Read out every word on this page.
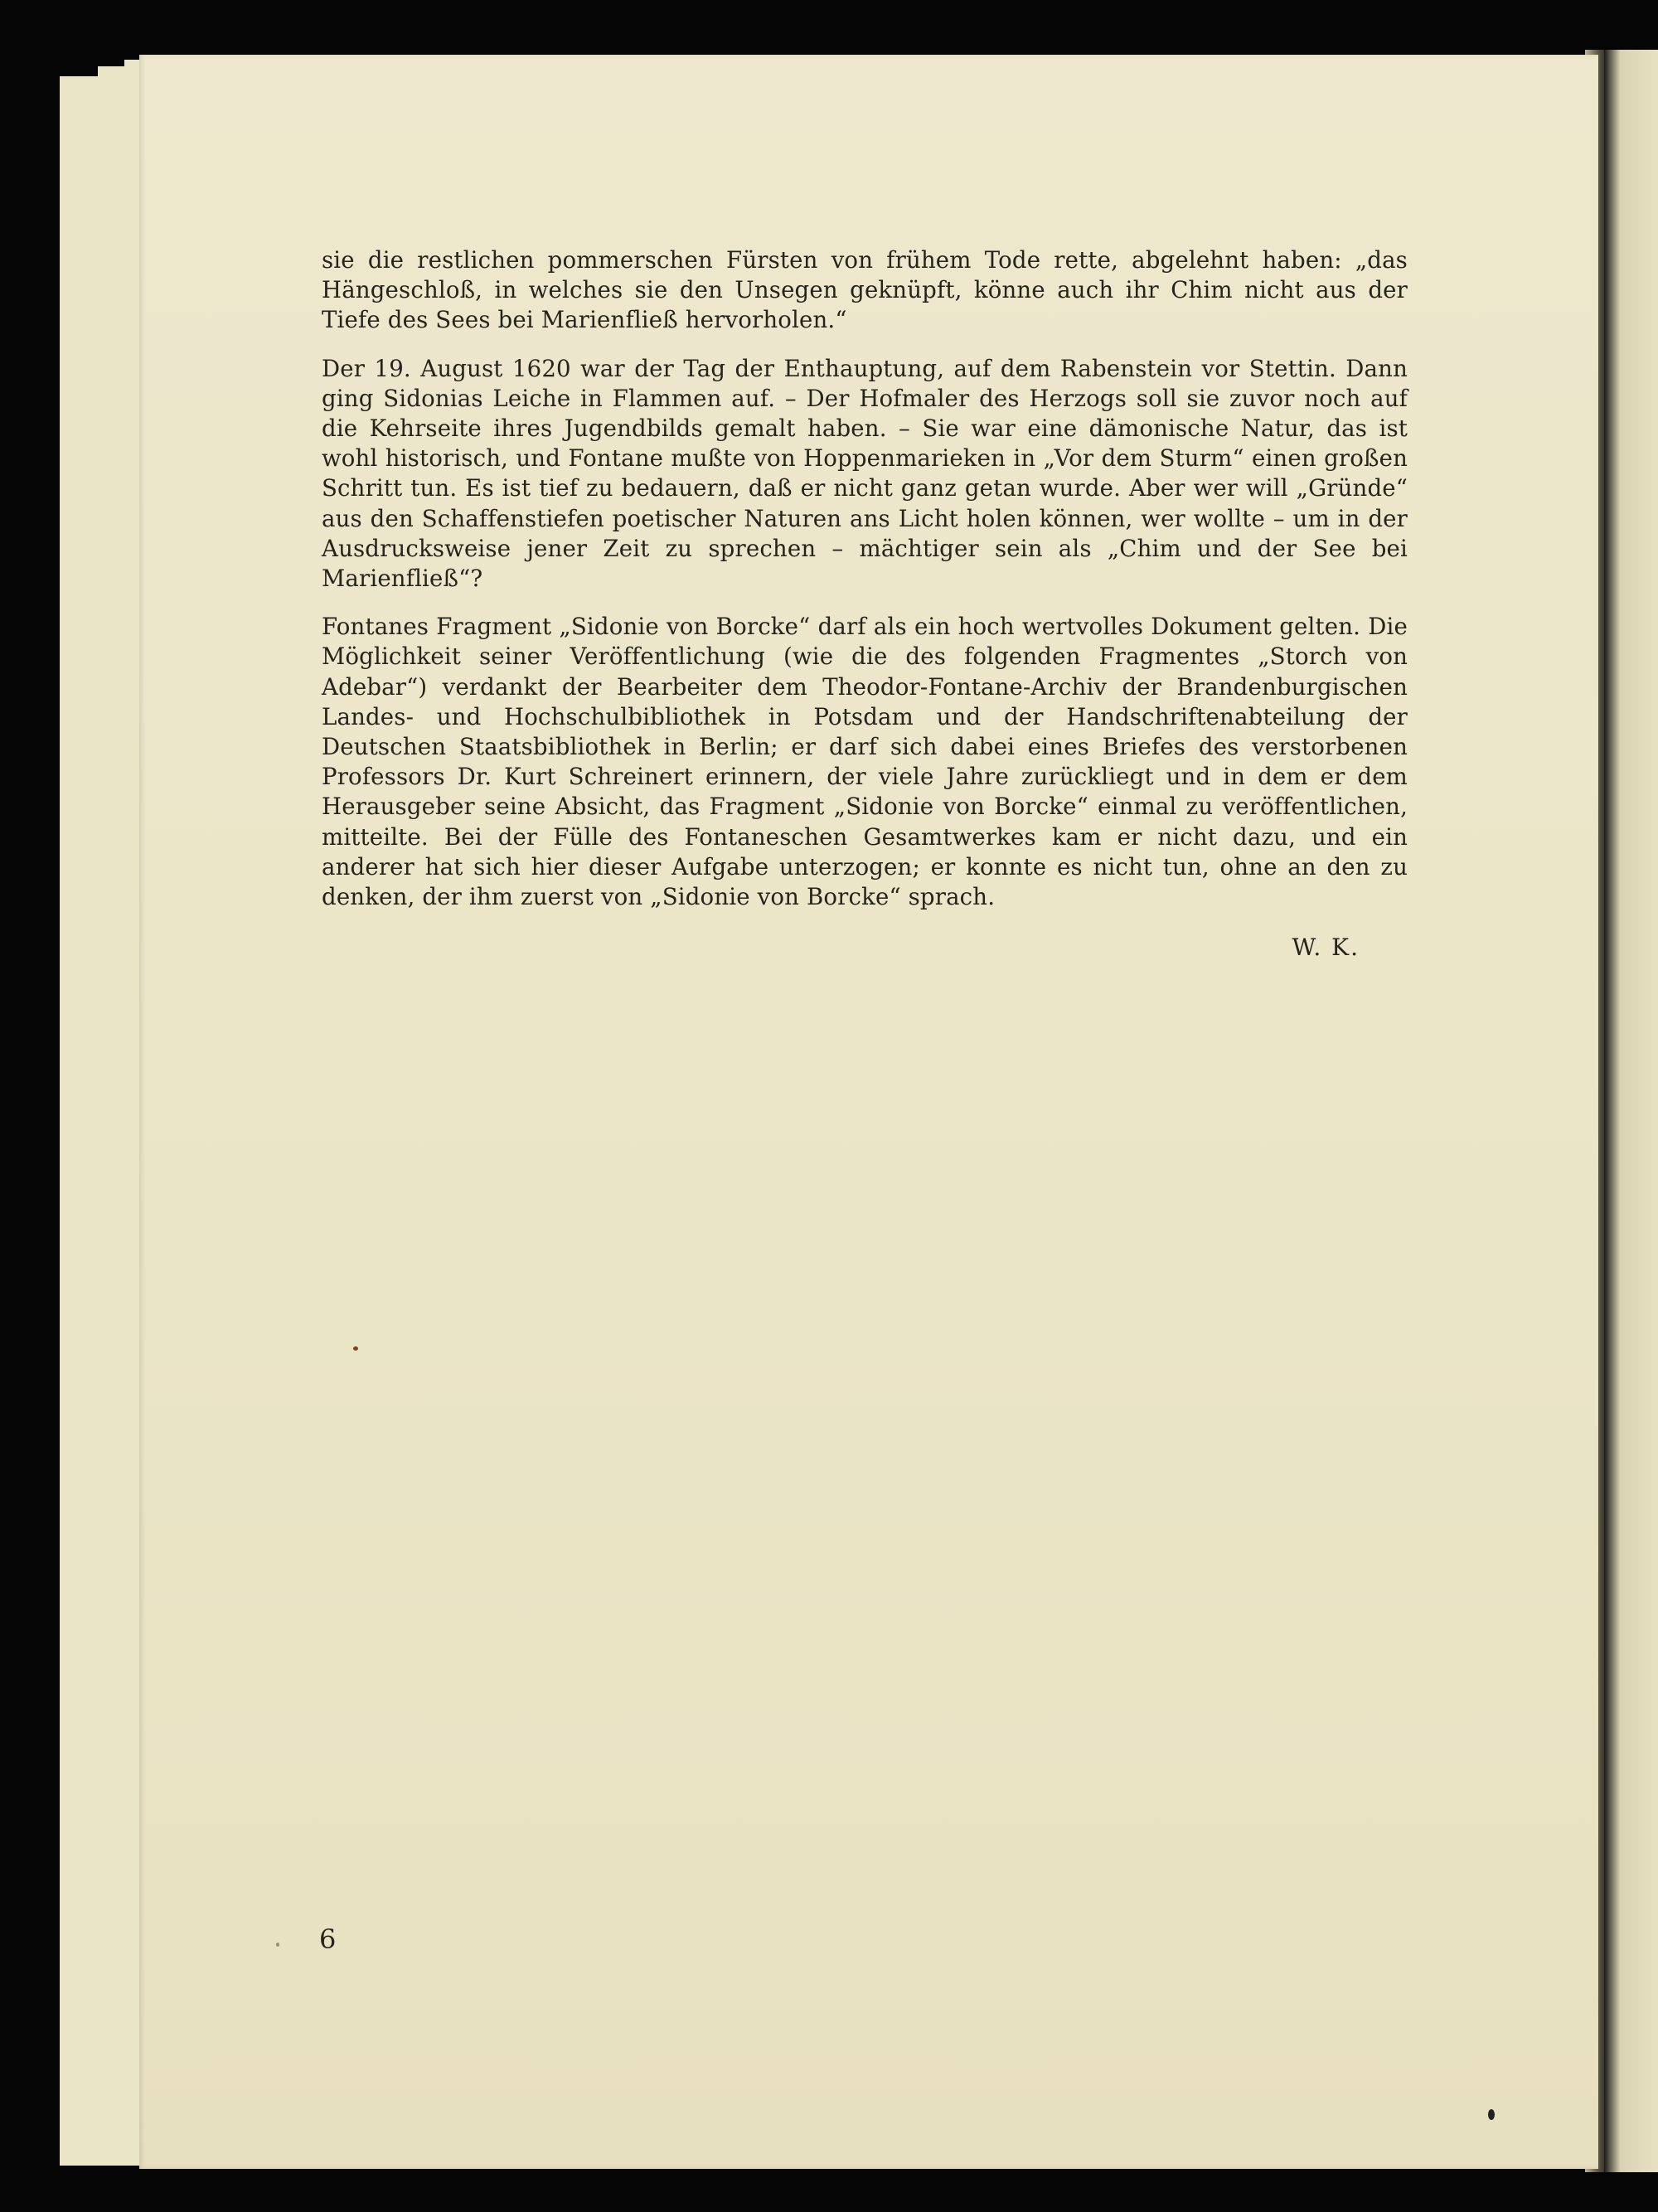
sie die restlichen pommerschen Fürsten von frühem Tode rette, abgelehnt haben: „das Hängeschloß, in welches sie den Unsegen geknüpft, könne auch ihr Chim nicht aus der Tiefe des Sees bei Marienfließ hervorholen.“

Der 19. August 1620 war der Tag der Enthauptung, auf dem Rabenstein vor Stettin. Dann ging Sidonias Leiche in Flammen auf. – Der Hofmaler des Herzogs soll sie zuvor noch auf die Kehrseite ihres Jugendbilds gemalt haben. – Sie war eine dämonische Natur, das ist wohl historisch, und Fontane mußte von Hoppenmarieken in „Vor dem Sturm“ einen großen Schritt tun. Es ist tief zu bedauern, daß er nicht ganz getan wurde. Aber wer will „Gründe“ aus den Schaffenstiefen poetischer Naturen ans Licht holen können, wer wollte – um in der Ausdrucksweise jener Zeit zu sprechen – mächtiger sein als „Chim und der See bei Marienfließ“?

Fontanes Fragment „Sidonie von Borcke“ darf als ein hoch wertvolles Dokument gelten. Die Möglichkeit seiner Veröffentlichung (wie die des folgenden Fragmentes „Storch von Adebar“) verdankt der Bearbeiter dem Theodor-Fontane-Archiv der Brandenburgischen Landes- und Hochschulbibliothek in Potsdam und der Handschriftenabteilung der Deutschen Staatsbibliothek in Berlin; er darf sich dabei eines Briefes des verstorbenen Professors Dr. Kurt Schreinert erinnern, der viele Jahre zurückliegt und in dem er dem Herausgeber seine Absicht, das Fragment „Sidonie von Borcke“ einmal zu veröffentlichen, mitteilte. Bei der Fülle des Fontaneschen Gesamtwerkes kam er nicht dazu, und ein anderer hat sich hier dieser Aufgabe unterzogen; er konnte es nicht tun, ohne an den zu denken, der ihm zuerst von „Sidonie von Borcke“ sprach.

W. K.
6
